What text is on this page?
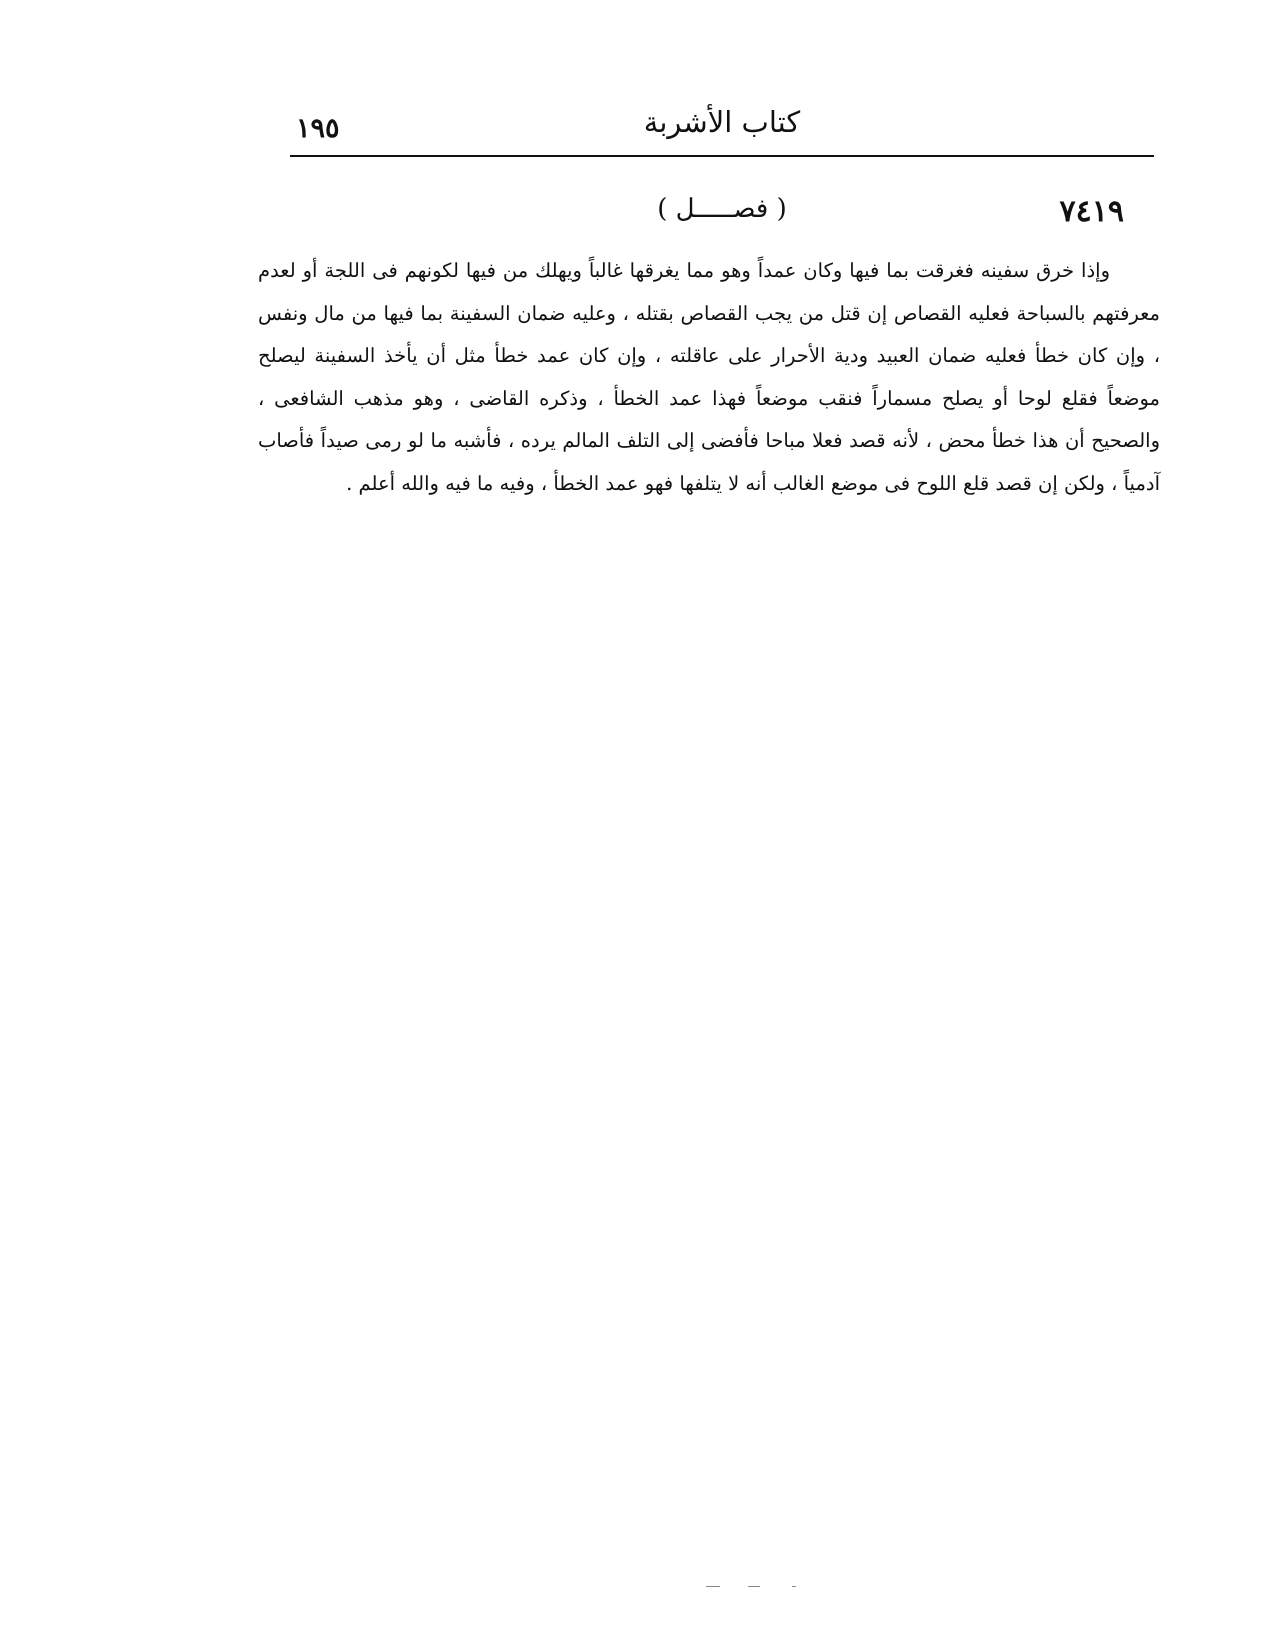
١٩٥	كتاب الأشربة
٧٤١٩
( فصـــــل )

وإذا خرق سفينه فغرقت بما فيها وكان عمداً وهو مما يغرقها غالباً ويهلك من فيها لكونهم فى اللجة أو لعدم معرفتهم بالسباحة فعليه القصاص إن قتل من يجب القصاص بقتله ، وعليه ضمان السفينة بما فيها من مال ونفس ، وإن كان خطأ فعليه ضمان العبيد ودية الأحرار على عاقلته ، وإن كان عمد خطأ مثل أن يأخذ السفينة ليصلح موضعاً فقلع لوحا أو يصلح مسماراً فنقب موضعاً فهذا عمد الخطأ ، وذكره القاضى ، وهو مذهب الشافعى ، والصحيح أن هذا خطأ محض ، لأنه قصد فعلا مباحا فأفضى إلى التلف المالم يرده ، فأشبه ما لو رمى صيداً فأصاب آدمياً ، ولكن إن قصد قلع اللوح فى موضع الغالب أنه لا يتلفها فهو عمد الخطأ ، وفيه ما فيه والله أعلم .
